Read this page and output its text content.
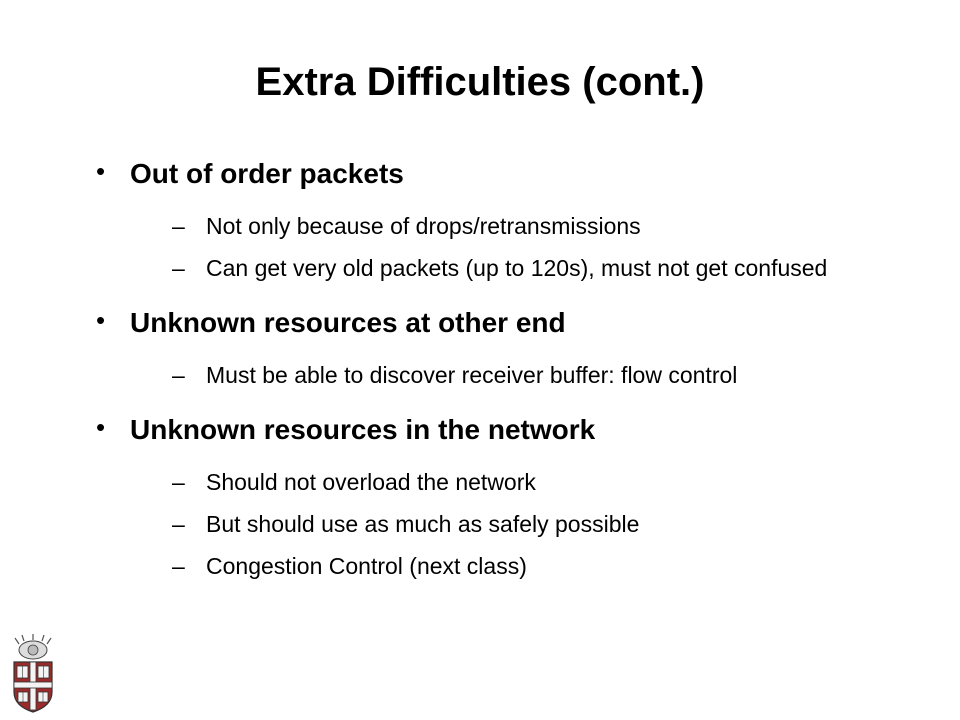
Extra Difficulties (cont.)
• Out of order packets
– Not only because of drops/retransmissions
– Can get very old packets (up to 120s), must not get confused
• Unknown resources at other end
– Must be able to discover receiver buffer: flow control
• Unknown resources in the network
– Should not overload the network
– But should use as much as safely possible
– Congestion Control (next class)
